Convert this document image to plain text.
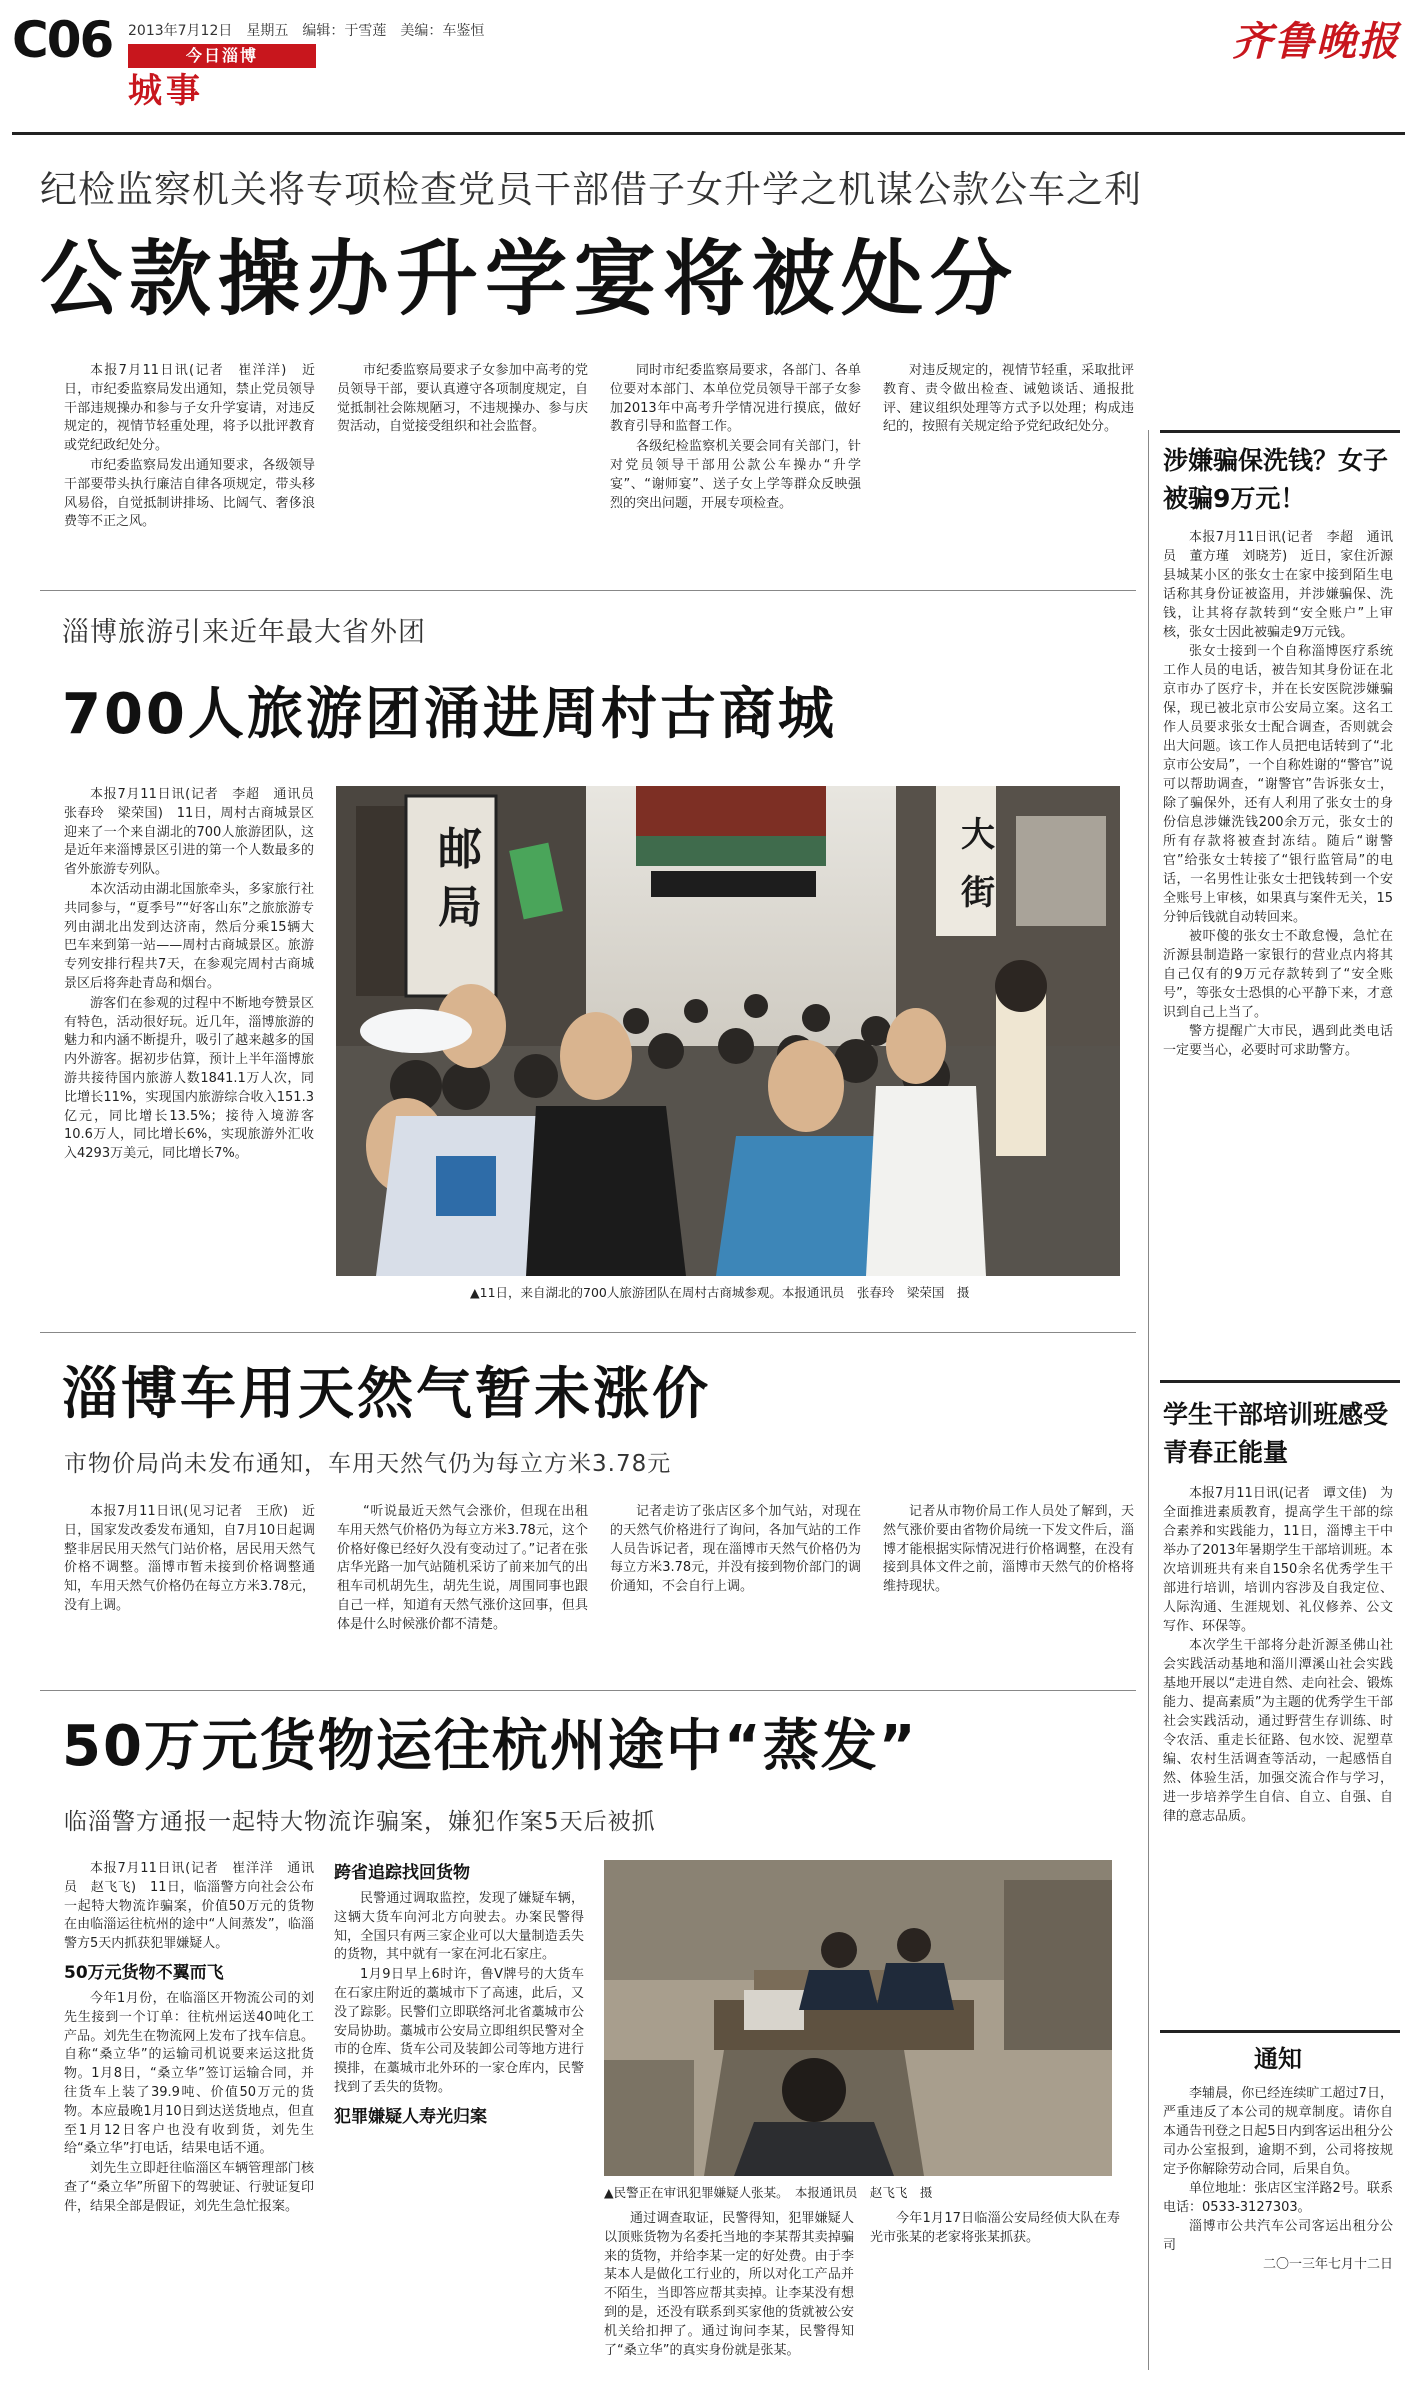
C06 2013年7月12日　星期五　编辑：于雪莲　美编：车鉴恒
今日淄博
城事
齐鲁晚报
纪检监察机关将专项检查党员干部借子女升学之机谋公款公车之利
公款操办升学宴将被处分

本报7月11日讯(记者　崔洋洋)　近日，市纪委监察局发出通知，禁止党员领导干部违规操办和参与子女升学宴请，对违反规定的，视情节轻重处理，将予以批评教育或党纪政纪处分。

市纪委监察局发出通知要求，各级领导干部要带头执行廉洁自律各项规定，带头移风易俗，自觉抵制讲排场、比阔气、奢侈浪费等不正之风。

市纪委监察局要求子女参加中高考的党员领导干部，要认真遵守各项制度规定，自觉抵制社会陈规陋习，不违规操办、参与庆贺活动，自觉接受组织和社会监督。

同时市纪委监察局要求，各部门、各单位要对本部门、本单位党员领导干部子女参加2013年中高考升学情况进行摸底，做好教育引导和监督工作。

各级纪检监察机关要会同有关部门，针对党员领导干部用公款公车操办“升学宴”、“谢师宴”、送子女上学等群众反映强烈的突出问题，开展专项检查。

对违反规定的，视情节轻重，采取批评教育、责令做出检查、诫勉谈话、通报批评、建议组织处理等方式予以处理；构成违纪的，按照有关规定给予党纪政纪处分。

淄博旅游引来近年最大省外团
700人旅游团涌进周村古商城

本报7月11日讯(记者　李超　通讯员　张春玲　梁荣国)　11日，周村古商城景区迎来了一个来自湖北的700人旅游团队，这是近年来淄博景区引进的第一个人数最多的省外旅游专列队。

本次活动由湖北国旅牵头，多家旅行社共同参与，“夏季号”“好客山东”之旅旅游专列由湖北出发到达济南，然后分乘15辆大巴车来到第一站——周村古商城景区。旅游专列安排行程共7天，在参观完周村古商城景区后将奔赴青岛和烟台。

游客们在参观的过程中不断地夸赞景区有特色，活动很好玩。近几年，淄博旅游的魅力和内涵不断提升，吸引了越来越多的国内外游客。据初步估算，预计上半年淄博旅游共接待国内旅游人数1841.1万人次，同比增长11%，实现国内旅游综合收入151.3亿元，同比增长13.5%；接待入境游客10.6万人，同比增长6%，实现旅游外汇收入4293万美元，同比增长7%。

邮
局
大
街
▲11日，来自湖北的700人旅游团队在周村古商城参观。本报通讯员　张春玲　梁荣国　摄
淄博车用天然气暂未涨价
市物价局尚未发布通知，车用天然气仍为每立方米3.78元

本报7月11日讯(见习记者　王欣)　近日，国家发改委发布通知，自7月10日起调整非居民用天然气门站价格，居民用天然气价格不调整。淄博市暂未接到价格调整通知，车用天然气价格仍在每立方米3.78元，没有上调。

“听说最近天然气会涨价，但现在出租车用天然气价格仍为每立方米3.78元，这个价格好像已经好久没有变动过了。”记者在张店华光路一加气站随机采访了前来加气的出租车司机胡先生，胡先生说，周围同事也跟自己一样，知道有天然气涨价这回事，但具体是什么时候涨价都不清楚。

记者走访了张店区多个加气站，对现在的天然气价格进行了询问，各加气站的工作人员告诉记者，现在淄博市天然气价格仍为每立方米3.78元，并没有接到物价部门的调价通知，不会自行上调。

记者从市物价局工作人员处了解到，天然气涨价要由省物价局统一下发文件后，淄博才能根据实际情况进行价格调整，在没有接到具体文件之前，淄博市天然气的价格将维持现状。

50万元货物运往杭州途中“蒸发”
临淄警方通报一起特大物流诈骗案，嫌犯作案5天后被抓

本报7月11日讯(记者　崔洋洋　通讯员　赵飞飞)　11日，临淄警方向社会公布一起特大物流诈骗案，价值50万元的货物在由临淄运往杭州的途中“人间蒸发”，临淄警方5天内抓获犯罪嫌疑人。

50万元货物不翼而飞

今年1月份，在临淄区开物流公司的刘先生接到一个订单：往杭州运送40吨化工产品。刘先生在物流网上发布了找车信息。自称“桑立华”的运输司机说要来运这批货物。1月8日，“桑立华”签订运输合同，并往货车上装了39.9吨、价值50万元的货物。本应最晚1月10日到达送货地点，但直至1月12日客户也没有收到货，刘先生给“桑立华”打电话，结果电话不通。

刘先生立即赶往临淄区车辆管理部门核查了“桑立华”所留下的驾驶证、行驶证复印件，结果全部是假证，刘先生急忙报案。

跨省追踪找回货物

民警通过调取监控，发现了嫌疑车辆，这辆大货车向河北方向驶去。办案民警得知，全国只有两三家企业可以大量制造丢失的货物，其中就有一家在河北石家庄。

1月9日早上6时许，鲁V牌号的大货车在石家庄附近的藁城市下了高速，此后，又没了踪影。民警们立即联络河北省藁城市公安局协助。藁城市公安局立即组织民警对全市的仓库、货车公司及装卸公司等地方进行摸排，在藁城市北外环的一家仓库内，民警找到了丢失的货物。

犯罪嫌疑人寿光归案
▲民警正在审讯犯罪嫌疑人张某。　本报通讯员　赵飞飞　摄

通过调查取证，民警得知，犯罪嫌疑人以顶账货物为名委托当地的李某帮其卖掉骗来的货物，并给李某一定的好处费。由于李某本人是做化工行业的，所以对化工产品并不陌生，当即答应帮其卖掉。让李某没有想到的是，还没有联系到买家他的货就被公安机关给扣押了。通过询问李某，民警得知了“桑立华”的真实身份就是张某。

今年1月17日临淄公安局经侦大队在寿光市张某的老家将张某抓获。

涉嫌骗保洗钱？女子被骗9万元！

本报7月11日讯(记者　李超　通讯员　董方瑾　刘晓芳)　近日，家住沂源县城某小区的张女士在家中接到陌生电话称其身份证被盗用，并涉嫌骗保、洗钱，让其将存款转到“安全账户”上审核，张女士因此被骗走9万元钱。

张女士接到一个自称淄博医疗系统工作人员的电话，被告知其身份证在北京市办了医疗卡，并在长安医院涉嫌骗保，现已被北京市公安局立案。这名工作人员要求张女士配合调查，否则就会出大问题。该工作人员把电话转到了“北京市公安局”，一个自称姓谢的“警官”说可以帮助调查，“谢警官”告诉张女士，除了骗保外，还有人利用了张女士的身份信息涉嫌洗钱200余万元，张女士的所有存款将被查封冻结。随后“谢警官”给张女士转接了“银行监管局”的电话，一名男性让张女士把钱转到一个安全账号上审核，如果真与案件无关，15分钟后钱就自动转回来。

被吓傻的张女士不敢怠慢，急忙在沂源县制造路一家银行的营业点内将其自己仅有的9万元存款转到了“安全账号”，等张女士恐惧的心平静下来，才意识到自己上当了。

警方提醒广大市民，遇到此类电话一定要当心，必要时可求助警方。

学生干部培训班感受青春正能量

本报7月11日讯(记者　谭文佳)　为全面推进素质教育，提高学生干部的综合素养和实践能力，11日，淄博主干中举办了2013年暑期学生干部培训班。本次培训班共有来自150余名优秀学生干部进行培训，培训内容涉及自我定位、人际沟通、生涯规划、礼仪修养、公文写作、环保等。

本次学生干部将分赴沂源圣佛山社会实践活动基地和淄川潭溪山社会实践基地开展以“走进自然、走向社会、锻炼能力、提高素质”为主题的优秀学生干部社会实践活动，通过野营生存训练、时令农活、重走长征路、包水饺、泥塑草编、农村生活调查等活动，一起感悟自然、体验生活，加强交流合作与学习，进一步培养学生自信、自立、自强、自律的意志品质。

通知

李辅晨，你已经连续旷工超过7日，严重违反了本公司的规章制度。请你自本通告刊登之日起5日内到客运出租分公司办公室报到，逾期不到，公司将按规定予你解除劳动合同，后果自负。

单位地址：张店区宝洋路2号。联系电话：0533-3127303。

淄博市公共汽车公司客运出租分公司

二〇一三年七月十二日
